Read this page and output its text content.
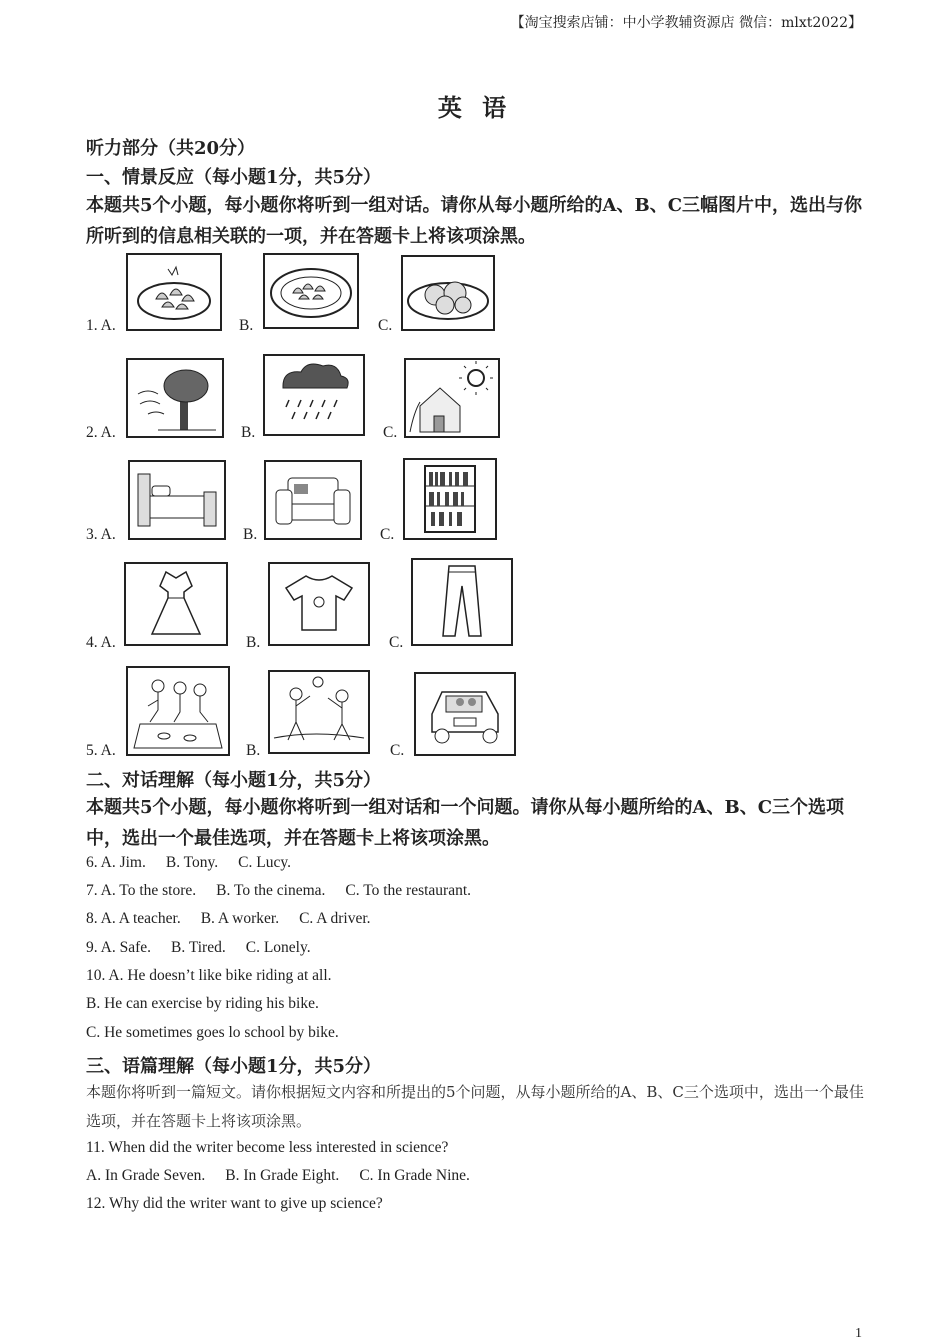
【淘宝搜索店铺：中小学教辅资源店 微信：mlxt2022】
英 语
听力部分（共20分）
一、情景反应（每小题1分，共5分）
本题共5个小题，每小题你将听到一组对话。请你从每小题所给的A、B、C三幅图片中，选出与你所听到的信息相关联的一项，并在答题卡上将该项涂黑。
1. A.	B.	C.
2. A.	B.	C.
3. A.	B.	C.
4. A.	B.	C.
5. A.	B.	C.
二、对话理解（每小题1分，共5分）
本题共5个小题，每小题你将听到一组对话和一个问题。请你从每小题所给的A、B、C三个选项中，选出一个最佳选项，并在答题卡上将该项涂黑。
6. A. Jim. B. Tony. C. Lucy.
7. A. To the store. B. To the cinema. C. To the restaurant.
8. A. A teacher. B. A worker. C. A driver.
9. A. Safe. B. Tired. C. Lonely.
10. A. He doesn’t like bike riding at all.
B. He can exercise by riding his bike.
C. He sometimes goes lo school by bike.
三、语篇理解（每小题1分，共5分）
本题你将听到一篇短文。请你根据短文内容和所提出的5个问题，从每小题所给的A、B、C三个选项中，选出一个最佳选项，并在答题卡上将该项涂黑。
11. When did the writer become less interested in science?
A. In Grade Seven. B. In Grade Eight. C. In Grade Nine.
12. Why did the writer want to give up science?
1
